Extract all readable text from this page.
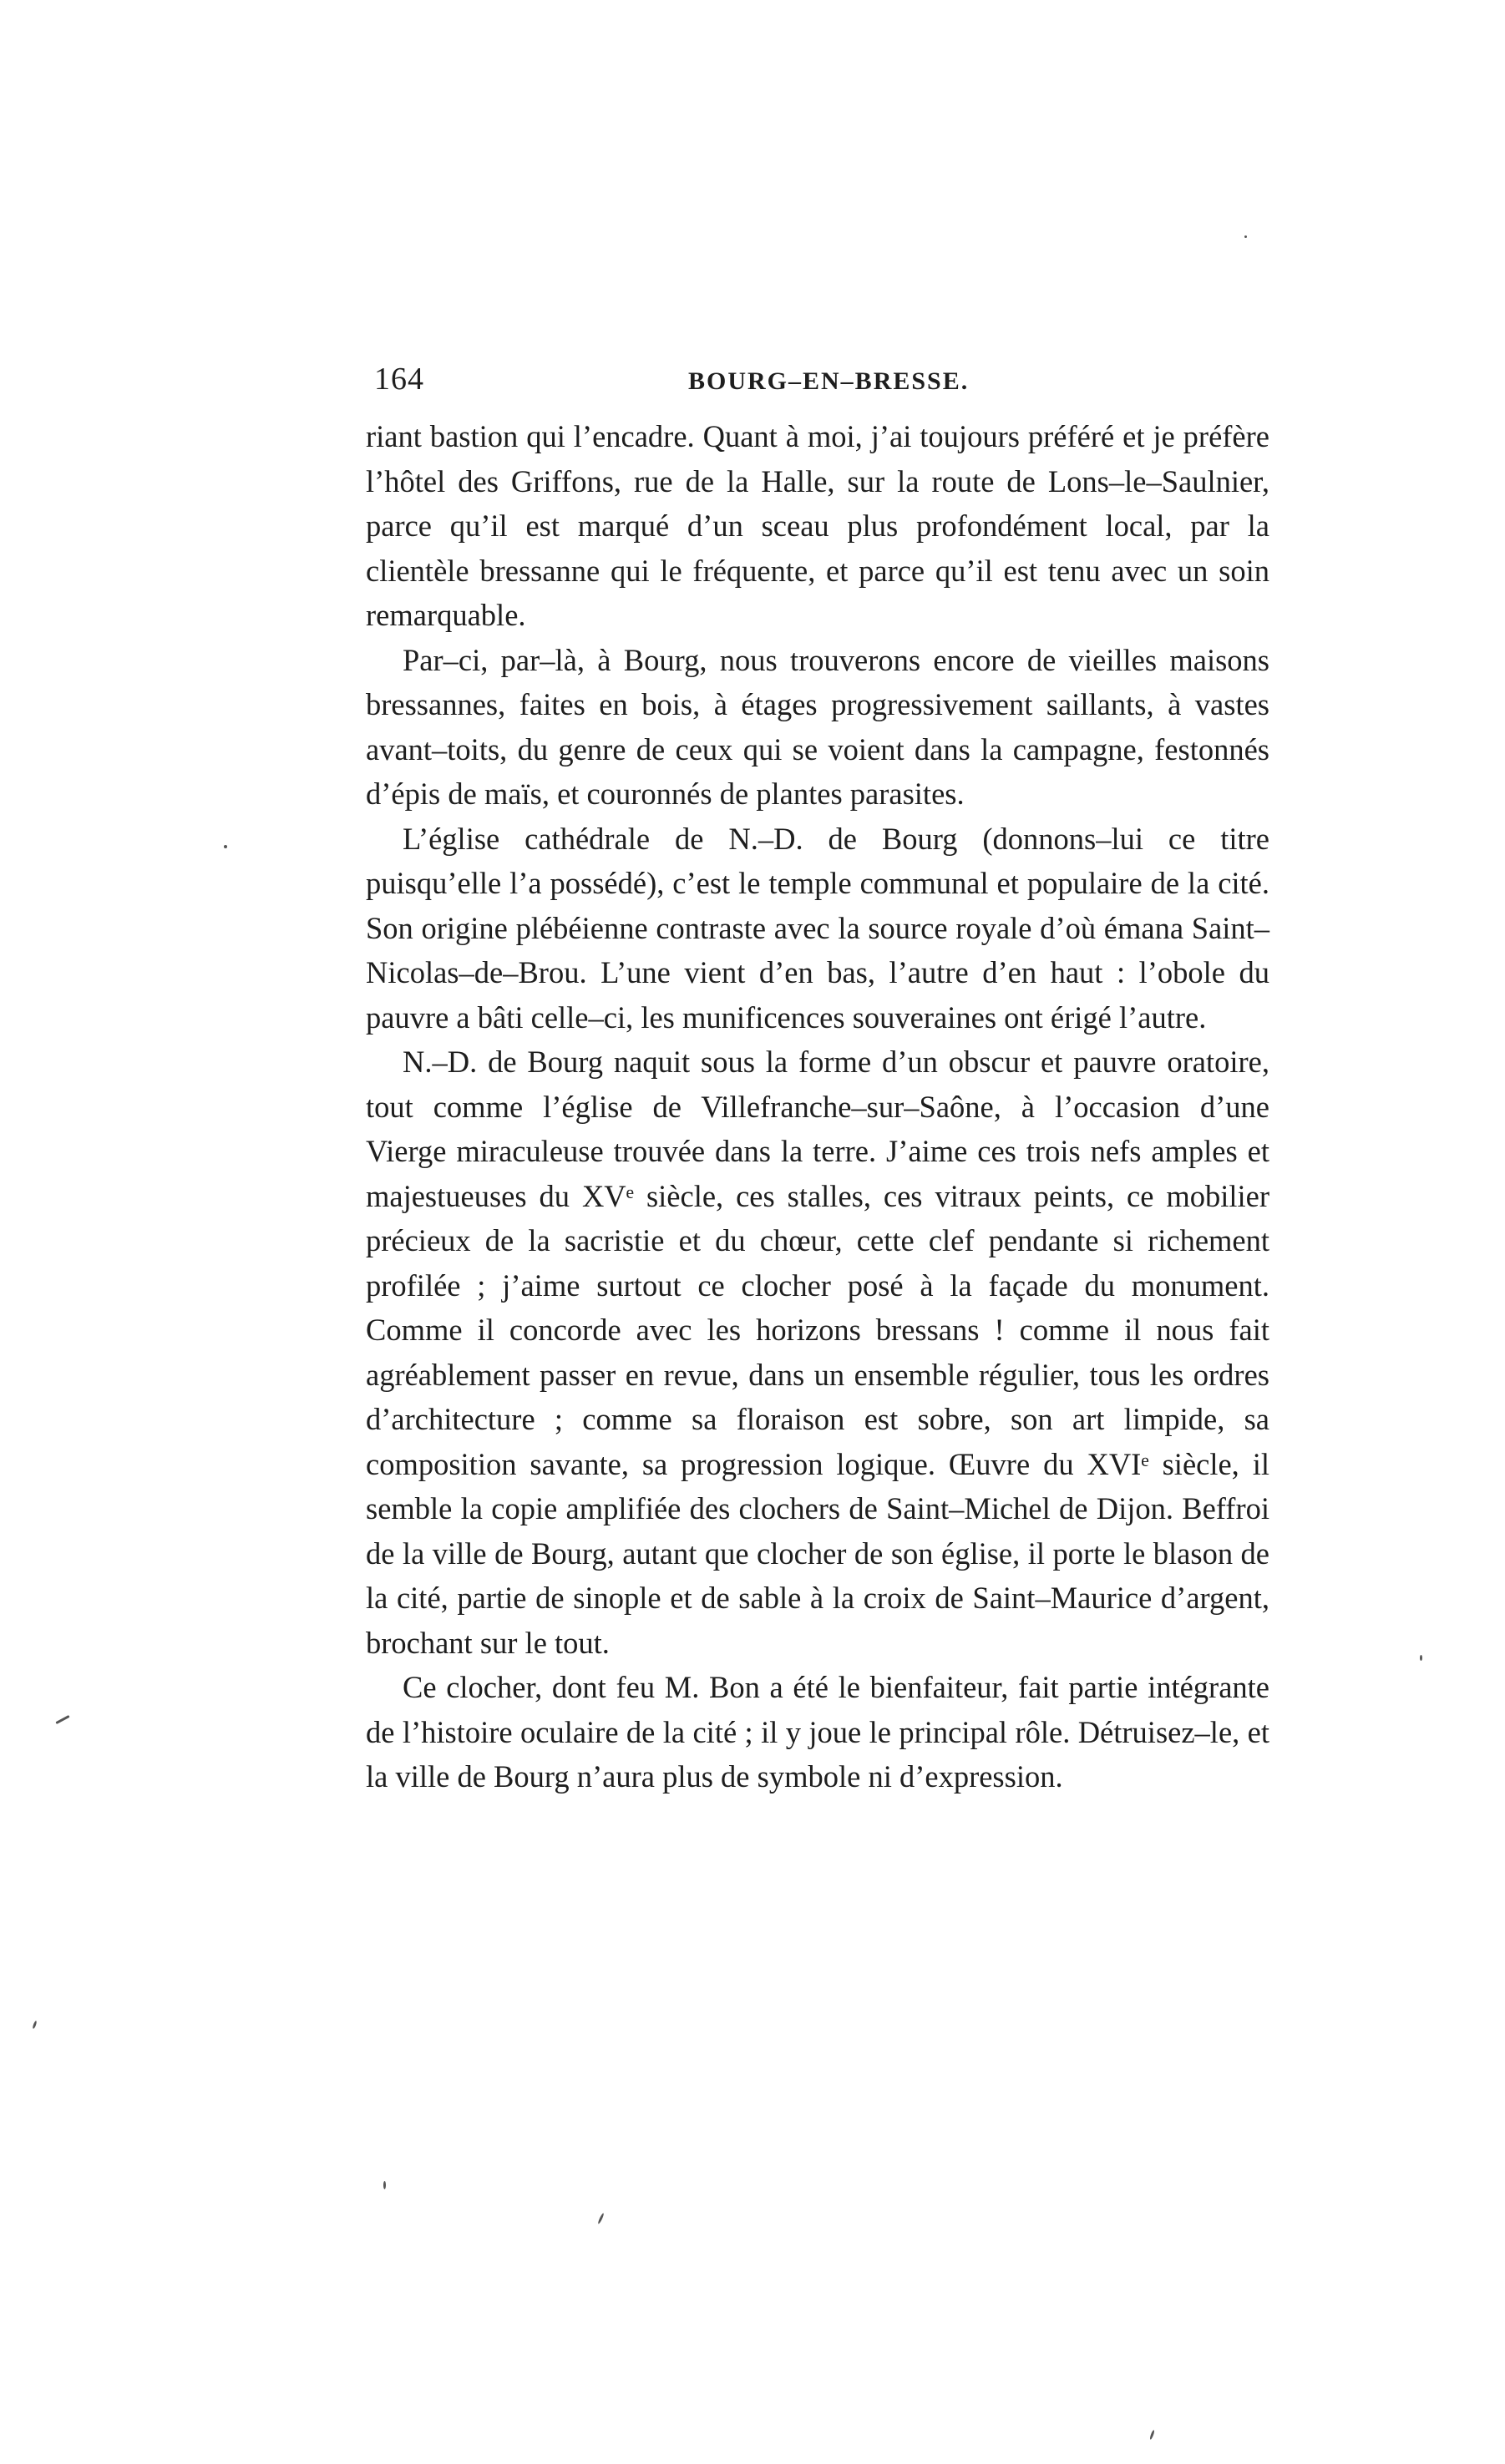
164	BOURG–EN–BRESSE.

riant bastion qui l’encadre. Quant à moi, j’ai toujours préféré et je préfère l’hôtel des Griffons, rue de la Halle, sur la route de Lons–le–Saulnier, parce qu’il est marqué d’un sceau plus profondément local, par la clientèle bressanne qui le fréquente, et parce qu’il est tenu avec un soin remarquable.

Par–ci, par–là, à Bourg, nous trouverons encore de vieilles maisons bressannes, faites en bois, à étages progressivement saillants, à vastes avant–toits, du genre de ceux qui se voient dans la campagne, festonnés d’épis de maïs, et couronnés de plantes parasites.

L’église cathédrale de N.–D. de Bourg (donnons–lui ce titre puisqu’elle l’a possédé), c’est le temple communal et populaire de la cité. Son origine plébéienne contraste avec la source royale d’où émana Saint–Nicolas–de–Brou. L’une vient d’en bas, l’autre d’en haut : l’obole du pauvre a bâti celle–ci, les munificences souveraines ont érigé l’autre.

N.–D. de Bourg naquit sous la forme d’un obscur et pauvre oratoire, tout comme l’église de Villefranche–sur–Saône, à l’occasion d’une Vierge miraculeuse trouvée dans la terre. J’aime ces trois nefs amples et majestueuses du XVᵉ siècle, ces stalles, ces vitraux peints, ce mobilier précieux de la sacristie et du chœur, cette clef pendante si richement profilée ; j’aime surtout ce clocher posé à la façade du monument. Comme il concorde avec les horizons bressans ! comme il nous fait agréablement passer en revue, dans un ensemble régulier, tous les ordres d’architecture ; comme sa floraison est sobre, son art limpide, sa composition savante, sa progression logique. Œuvre du XVIᵉ siècle, il semble la copie amplifiée des clochers de Saint–Michel de Dijon. Beffroi de la ville de Bourg, autant que clocher de son église, il porte le blason de la cité, partie de sinople et de sable à la croix de Saint–Maurice d’argent, brochant sur le tout.

Ce clocher, dont feu M. Bon a été le bienfaiteur, fait partie intégrante de l’histoire oculaire de la cité ; il y joue le principal rôle. Détruisez–le, et la ville de Bourg n’aura plus de symbole ni d’expression.
